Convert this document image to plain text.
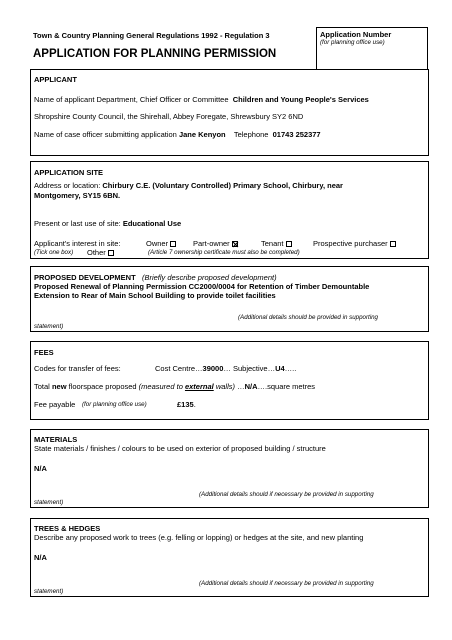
Town & Country Planning General Regulations 1992 - Regulation 3
APPLICATION FOR PLANNING PERMISSION
Application Number
(for planning office use)
APPLICANT
Name of applicant Department, Chief Officer or Committee Children and Young People's Services
Shropshire County Council, the Shirehall, Abbey Foregate, Shrewsbury SY2 6ND
Name of case officer submitting application Jane Kenyon Telephone 01743 252377
APPLICATION SITE
Address or location: Chirbury C.E. (Voluntary Controlled) Primary School, Chirbury, near
Montgomery, SY15 6BN.
Present or last use of site: Educational Use
Applicant's interest in site:	Owner	Part-owner	Tenant	Prospective purchaser
(Tick one box) Other	(Article 7 ownership certificate must also be completed)
PROPOSED DEVELOPMENT (Briefly describe proposed development)
Proposed Renewal of Planning Permission CC2000/0004 for Retention of Timber Demountable
Extension to Rear of Main School Building to provide toilet facilities
(Additional details should be provided in supporting
statement)
FEES
Codes for transfer of fees:	Cost Centre…39000… Subjective…U4…..
Total new floorspace proposed (measured to external walls) …N/A….square metres
Fee payable (for planning office use)	£135.
MATERIALS
State materials / finishes / colours to be used on exterior of proposed building / structure
N/A
(Additional details should if necessary be provided in supporting
statement)
TREES & HEDGES
Describe any proposed work to trees (e.g. felling or lopping) or hedges at the site, and new planting
N/A
(Additional details should if necessary be provided in supporting
statement)
